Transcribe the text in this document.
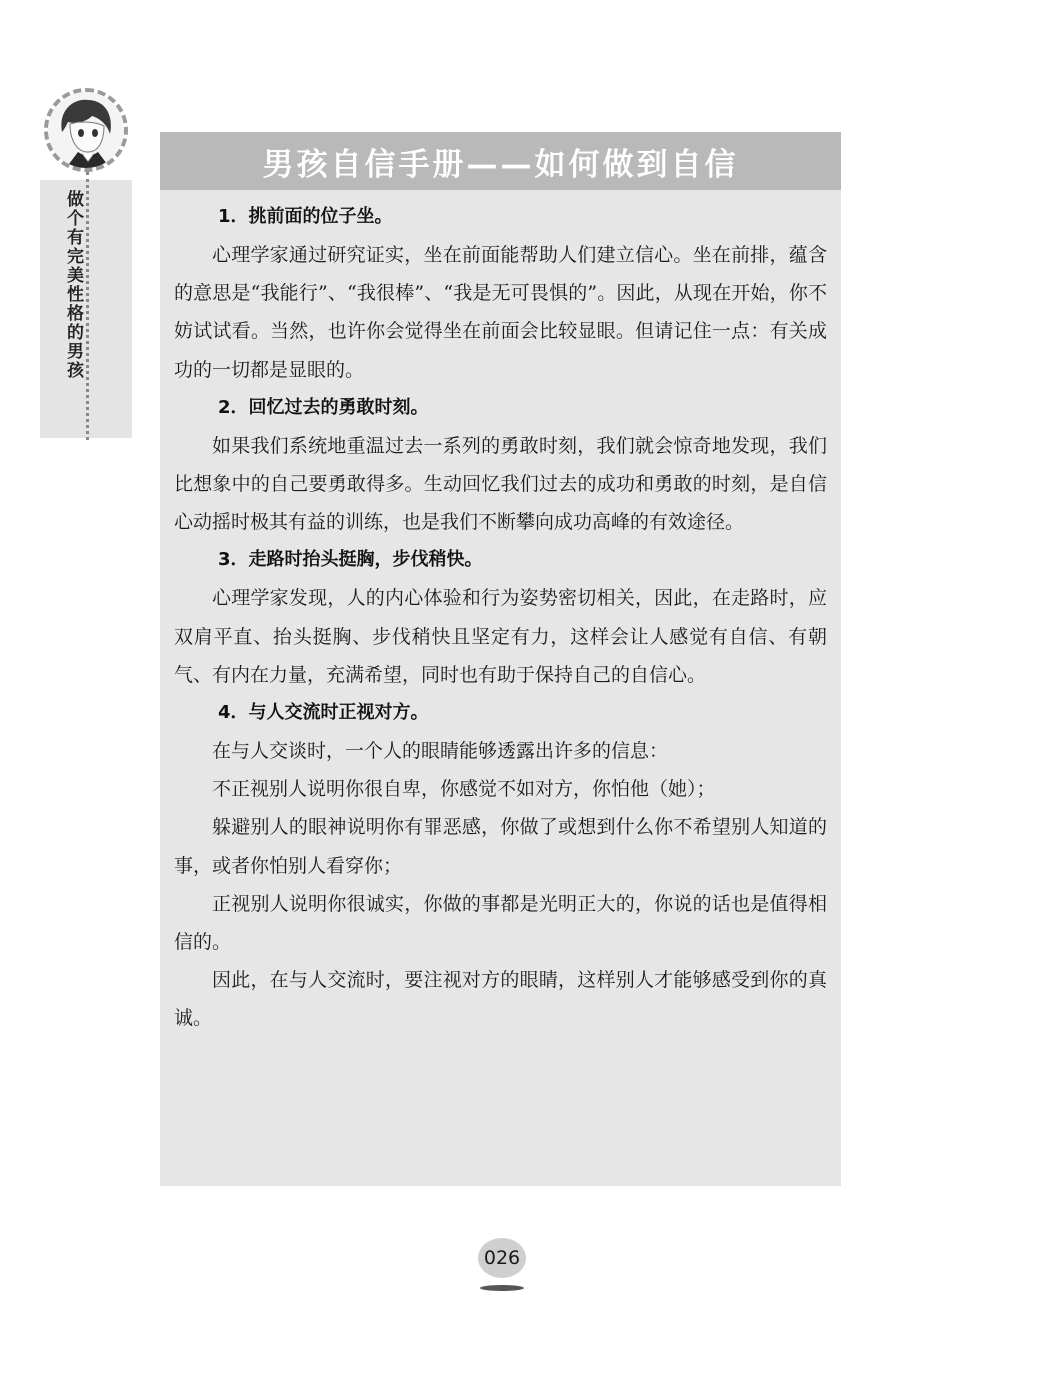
做个有完美性格的男孩
男孩自信手册——如何做到自信
1．挑前面的位子坐。

心理学家通过研究证实，坐在前面能帮助人们建立信心。坐在前排，蕴含的意思是“我能行”、“我很棒”、“我是无可畏惧的”。因此，从现在开始，你不妨试试看。当然，也许你会觉得坐在前面会比较显眼。但请记住一点：有关成功的一切都是显眼的。

2．回忆过去的勇敢时刻。

如果我们系统地重温过去一系列的勇敢时刻，我们就会惊奇地发现，我们比想象中的自己要勇敢得多。生动回忆我们过去的成功和勇敢的时刻，是自信心动摇时极其有益的训练，也是我们不断攀向成功高峰的有效途径。

3．走路时抬头挺胸，步伐稍快。

心理学家发现，人的内心体验和行为姿势密切相关，因此，在走路时，应双肩平直、抬头挺胸、步伐稍快且坚定有力，这样会让人感觉有自信、有朝气、有内在力量，充满希望，同时也有助于保持自己的自信心。

4．与人交流时正视对方。

在与人交谈时，一个人的眼睛能够透露出许多的信息：

不正视别人说明你很自卑，你感觉不如对方，你怕他（她）；

躲避别人的眼神说明你有罪恶感，你做了或想到什么你不希望别人知道的事，或者你怕别人看穿你；

正视别人说明你很诚实，你做的事都是光明正大的，你说的话也是值得相信的。

因此，在与人交流时，要注视对方的眼睛，这样别人才能够感受到你的真诚。

026
